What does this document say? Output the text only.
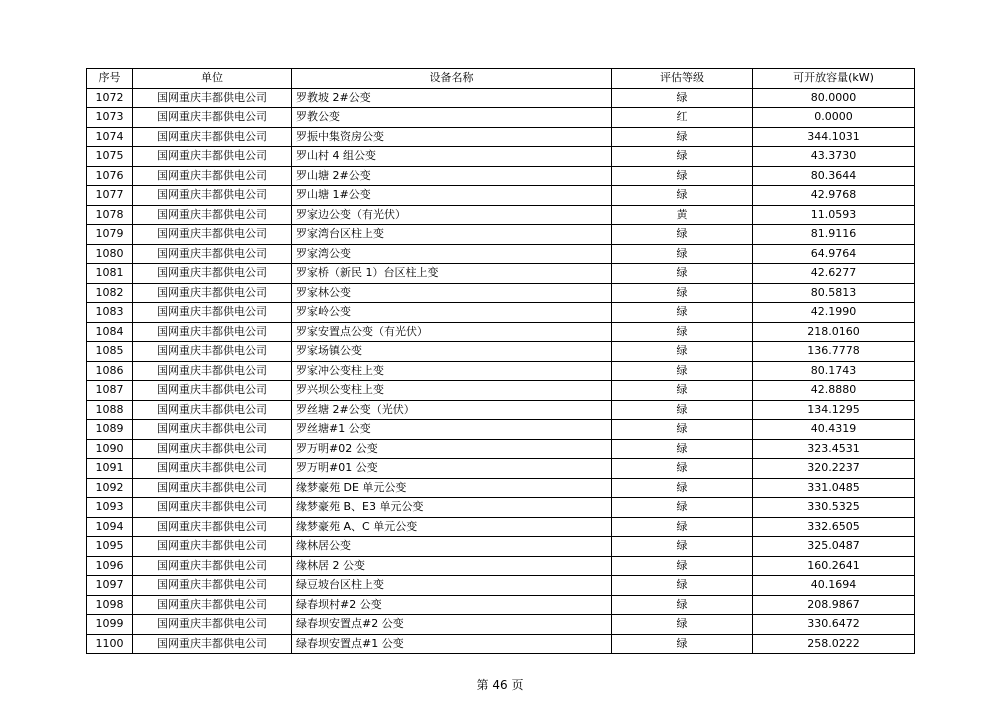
序号	单位	设备名称	评估等级	可开放容量(kW)
1072	国网重庆丰都供电公司	罗教坡 2#公变	绿	80.0000
1073	国网重庆丰都供电公司	罗教公变	红	0.0000
1074	国网重庆丰都供电公司	罗振中集资房公变	绿	344.1031
1075	国网重庆丰都供电公司	罗山村 4 组公变	绿	43.3730
1076	国网重庆丰都供电公司	罗山塘 2#公变	绿	80.3644
1077	国网重庆丰都供电公司	罗山塘 1#公变	绿	42.9768
1078	国网重庆丰都供电公司	罗家边公变（有光伏）	黄	11.0593
1079	国网重庆丰都供电公司	罗家湾台区柱上变	绿	81.9116
1080	国网重庆丰都供电公司	罗家湾公变	绿	64.9764
1081	国网重庆丰都供电公司	罗家桥（新民 1）台区柱上变	绿	42.6277
1082	国网重庆丰都供电公司	罗家林公变	绿	80.5813
1083	国网重庆丰都供电公司	罗家岭公变	绿	42.1990
1084	国网重庆丰都供电公司	罗家安置点公变（有光伏）	绿	218.0160
1085	国网重庆丰都供电公司	罗家场镇公变	绿	136.7778
1086	国网重庆丰都供电公司	罗家冲公变柱上变	绿	80.1743
1087	国网重庆丰都供电公司	罗兴坝公变柱上变	绿	42.8880
1088	国网重庆丰都供电公司	罗丝塘 2#公变（光伏）	绿	134.1295
1089	国网重庆丰都供电公司	罗丝塘#1 公变	绿	40.4319
1090	国网重庆丰都供电公司	罗万明#02 公变	绿	323.4531
1091	国网重庆丰都供电公司	罗万明#01 公变	绿	320.2237
1092	国网重庆丰都供电公司	缘梦豪苑 DE 单元公变	绿	331.0485
1093	国网重庆丰都供电公司	缘梦豪苑 B、E3 单元公变	绿	330.5325
1094	国网重庆丰都供电公司	缘梦豪苑 A、C 单元公变	绿	332.6505
1095	国网重庆丰都供电公司	缘林居公变	绿	325.0487
1096	国网重庆丰都供电公司	缘林居 2 公变	绿	160.2641
1097	国网重庆丰都供电公司	绿豆坡台区柱上变	绿	40.1694
1098	国网重庆丰都供电公司	绿春坝村#2 公变	绿	208.9867
1099	国网重庆丰都供电公司	绿春坝安置点#2 公变	绿	330.6472
1100	国网重庆丰都供电公司	绿春坝安置点#1 公变	绿	258.0222
第 46 页
